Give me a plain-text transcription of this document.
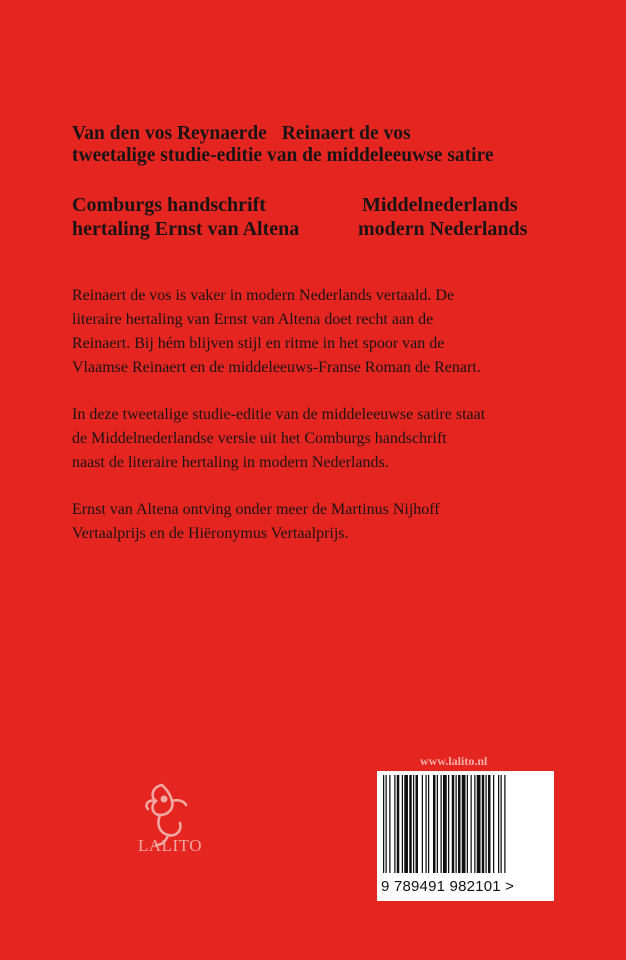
Van den vos Reynaerde Reinaert de vos
tweetalige studie-editie van de middeleeuwse satire
Comburgs handschrift	Middelnederlands
hertaling Ernst van Altena	modern Nederlands

Reinaert de vos is vaker in modern Nederlands vertaald. De
literaire hertaling van Ernst van Altena doet recht aan de
Reinaert. Bij hém blijven stijl en ritme in het spoor van de
Vlaamse Reinaert en de middeleeuws-Franse Roman de Renart.

In deze tweetalige studie-editie van de middeleeuwse satire staat
de Middelnederlandse versie uit het Comburgs handschrift
naast de literaire hertaling in modern Nederlands.

Ernst van Altena ontving onder meer de Martinus Nijhoff
Vertaalprijs en de Hiëronymus Vertaalprijs.

LALITO
www.lalito.nl
9 789491 982101 >
